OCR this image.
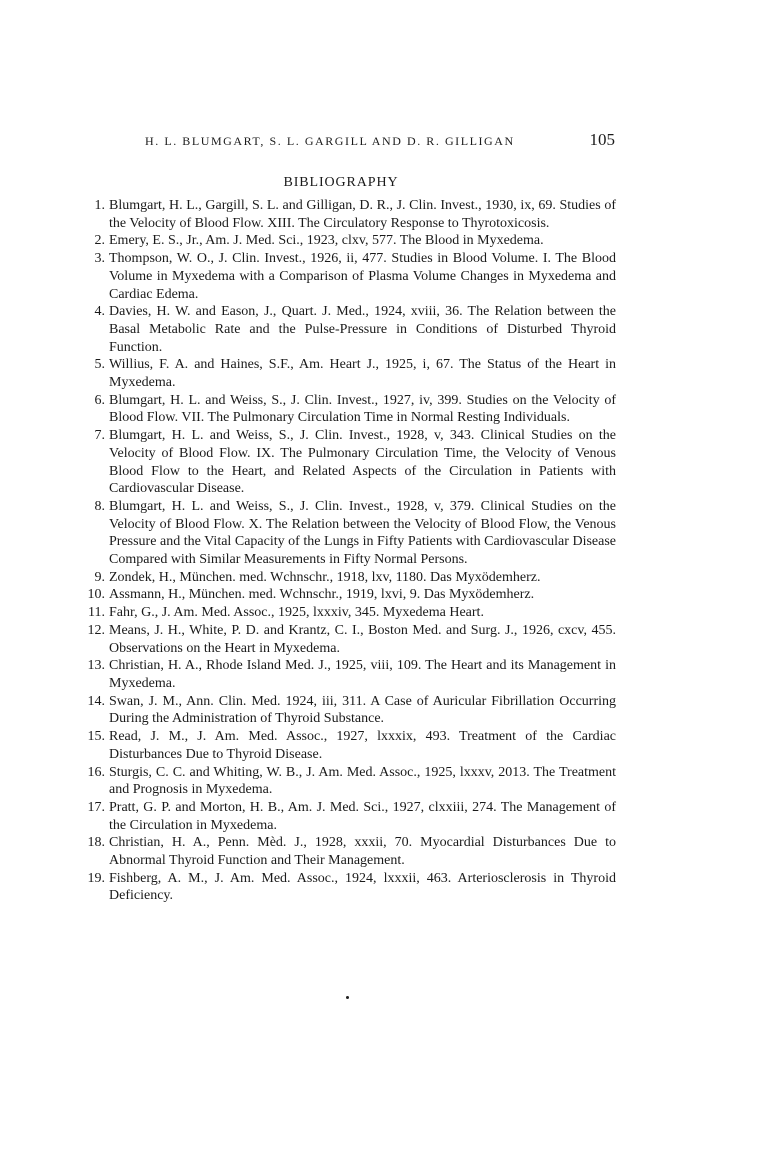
H. L. BLUMGART, S. L. GARGILL AND D. R. GILLIGAN	105
BIBLIOGRAPHY
1. Blumgart, H. L., Gargill, S. L. and Gilligan, D. R., J. Clin. Invest., 1930, ix, 69. Studies of the Velocity of Blood Flow. XIII. The Circulatory Response to Thyrotoxicosis.
2. Emery, E. S., Jr., Am. J. Med. Sci., 1923, clxv, 577. The Blood in Myxedema.
3. Thompson, W. O., J. Clin. Invest., 1926, ii, 477. Studies in Blood Volume. I. The Blood Volume in Myxedema with a Comparison of Plasma Volume Changes in Myxedema and Cardiac Edema.
4. Davies, H. W. and Eason, J., Quart. J. Med., 1924, xviii, 36. The Relation between the Basal Metabolic Rate and the Pulse-Pressure in Conditions of Disturbed Thyroid Function.
5. Willius, F. A. and Haines, S.F., Am. Heart J., 1925, i, 67. The Status of the Heart in Myxedema.
6. Blumgart, H. L. and Weiss, S., J. Clin. Invest., 1927, iv, 399. Studies on the Velocity of Blood Flow. VII. The Pulmonary Circulation Time in Normal Resting Individuals.
7. Blumgart, H. L. and Weiss, S., J. Clin. Invest., 1928, v, 343. Clinical Studies on the Velocity of Blood Flow. IX. The Pulmonary Circulation Time, the Velocity of Venous Blood Flow to the Heart, and Related Aspects of the Circulation in Patients with Cardiovascular Disease.
8. Blumgart, H. L. and Weiss, S., J. Clin. Invest., 1928, v, 379. Clinical Studies on the Velocity of Blood Flow. X. The Relation between the Velocity of Blood Flow, the Venous Pressure and the Vital Capacity of the Lungs in Fifty Patients with Cardiovascular Disease Compared with Similar Measurements in Fifty Normal Persons.
9. Zondek, H., München. med. Wchnschr., 1918, lxv, 1180. Das Myxödemherz.
10. Assmann, H., München. med. Wchnschr., 1919, lxvi, 9. Das Myxödemherz.
11. Fahr, G., J. Am. Med. Assoc., 1925, lxxxiv, 345. Myxedema Heart.
12. Means, J. H., White, P. D. and Krantz, C. I., Boston Med. and Surg. J., 1926, cxcv, 455. Observations on the Heart in Myxedema.
13. Christian, H. A., Rhode Island Med. J., 1925, viii, 109. The Heart and its Management in Myxedema.
14. Swan, J. M., Ann. Clin. Med. 1924, iii, 311. A Case of Auricular Fibrillation Occurring During the Administration of Thyroid Substance.
15. Read, J. M., J. Am. Med. Assoc., 1927, lxxxix, 493. Treatment of the Cardiac Disturbances Due to Thyroid Disease.
16. Sturgis, C. C. and Whiting, W. B., J. Am. Med. Assoc., 1925, lxxxv, 2013. The Treatment and Prognosis in Myxedema.
17. Pratt, G. P. and Morton, H. B., Am. J. Med. Sci., 1927, clxxiii, 274. The Management of the Circulation in Myxedema.
18. Christian, H. A., Penn. Mèd. J., 1928, xxxii, 70. Myocardial Disturbances Due to Abnormal Thyroid Function and Their Management.
19. Fishberg, A. M., J. Am. Med. Assoc., 1924, lxxxii, 463. Arteriosclerosis in Thyroid Deficiency.
